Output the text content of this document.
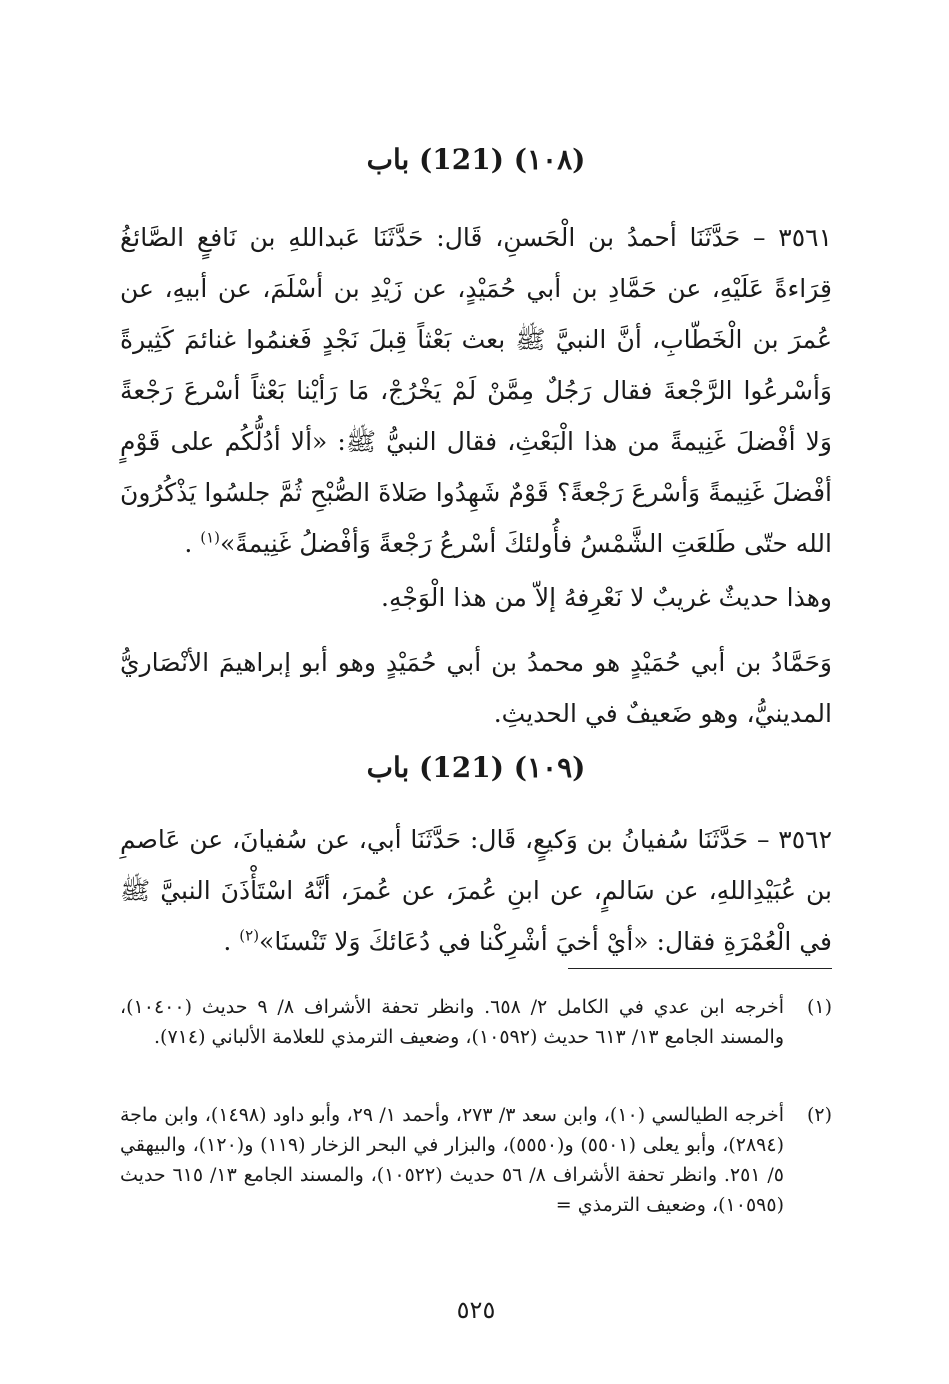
(١٠٨) (121) باب

٣٥٦١ – حَدَّثَنَا أحمدُ بن الْحَسنِ، قَال: حَدَّثَنَا عَبداللهِ بن نَافعٍ الصَّائغُ قِرَاءةً عَلَيْهِ، عن حَمَّادِ بن أبي حُمَيْدٍ، عن زَيْدِ بن أسْلَمَ، عن أبيهِ، عن عُمرَ بن الْخَطّابِ، أنَّ النبيَّ ﷺ بعث بَعْثاً قِبلَ نَجْدٍ فَغنمُوا غنائمَ كَثِيرةً وَأسْرعُوا الرَّجْعةَ فقال رَجُلٌ مِمَّنْ لَمْ يَخْرُجْ، مَا رَأيْنا بَعْثاً أسْرعَ رَجْعةً وَلا أفْضلَ غَنِيمةً من هذا الْبَعْثِ، فقال النبيُّ ﷺ: «ألا أدُلُّكُم على قَوْمٍ أفْضلَ غَنِيمةً وَأسْرعَ رَجْعةً؟ قَوْمٌ شَهِدُوا صَلاةَ الصُّبْحِ ثُمَّ جلسُوا يَذْكُرُونَ الله حتّى طَلعَتِ الشَّمْسُ فأُولئكَ أسْرعُ رَجْعةً وَأفْضلُ غَنِيمةً»$^{(١)}$ .

وهذا حديثٌ غريبٌ لا نَعْرِفهُ إلاّ من هذا الْوَجْهِ.

وَحَمَّادُ بن أبي حُمَيْدٍ هو محمدُ بن أبي حُمَيْدٍ وهو أبو إبراهيمَ الأنْصَاريُّ المدينيُّ، وهو ضَعيفٌ في الحديثِ.

(١٠٩) (121) باب

٣٥٦٢ – حَدَّثَنَا سُفيانُ بن وَكيعٍ، قَال: حَدَّثَنَا أبي، عن سُفيانَ، عن عَاصمِ بن عُبَيْدِاللهِ، عن سَالمٍ، عن ابنِ عُمرَ، عن عُمرَ، أنَّهُ اسْتَأْذَنَ النبيَّ ﷺ في الْعُمْرَةِ فقال: «أيْ أخيَ أشْرِكْنا في دُعَائكَ وَلا تَنْسنَا»$^{(٢)}$ .

(١)
أخرجه ابن عدي في الكامل ٢/ ٦٥٨. وانظر تحفة الأشراف ٨/ ٩ حديث (١٠٤٠٠)، والمسند الجامع ١٣/ ٦١٣ حديث (١٠٥٩٢)، وضعيف الترمذي للعلامة الألباني (٧١٤).
(٢)
أخرجه الطيالسي (١٠)، وابن سعد ٣/ ٢٧٣، وأحمد ١/ ٢٩، وأبو داود (١٤٩٨)، وابن ماجة (٢٨٩٤)، وأبو يعلى (٥٥٠١) و(٥٥٥٠)، والبزار في البحر الزخار (١١٩) و(١٢٠)، والبيهقي ٥/ ٢٥١. وانظر تحفة الأشراف ٨/ ٥٦ حديث (١٠٥٢٢)، والمسند الجامع ١٣/ ٦١٥ حديث (١٠٥٩٥)، وضعيف الترمذي =
٥٢٥
